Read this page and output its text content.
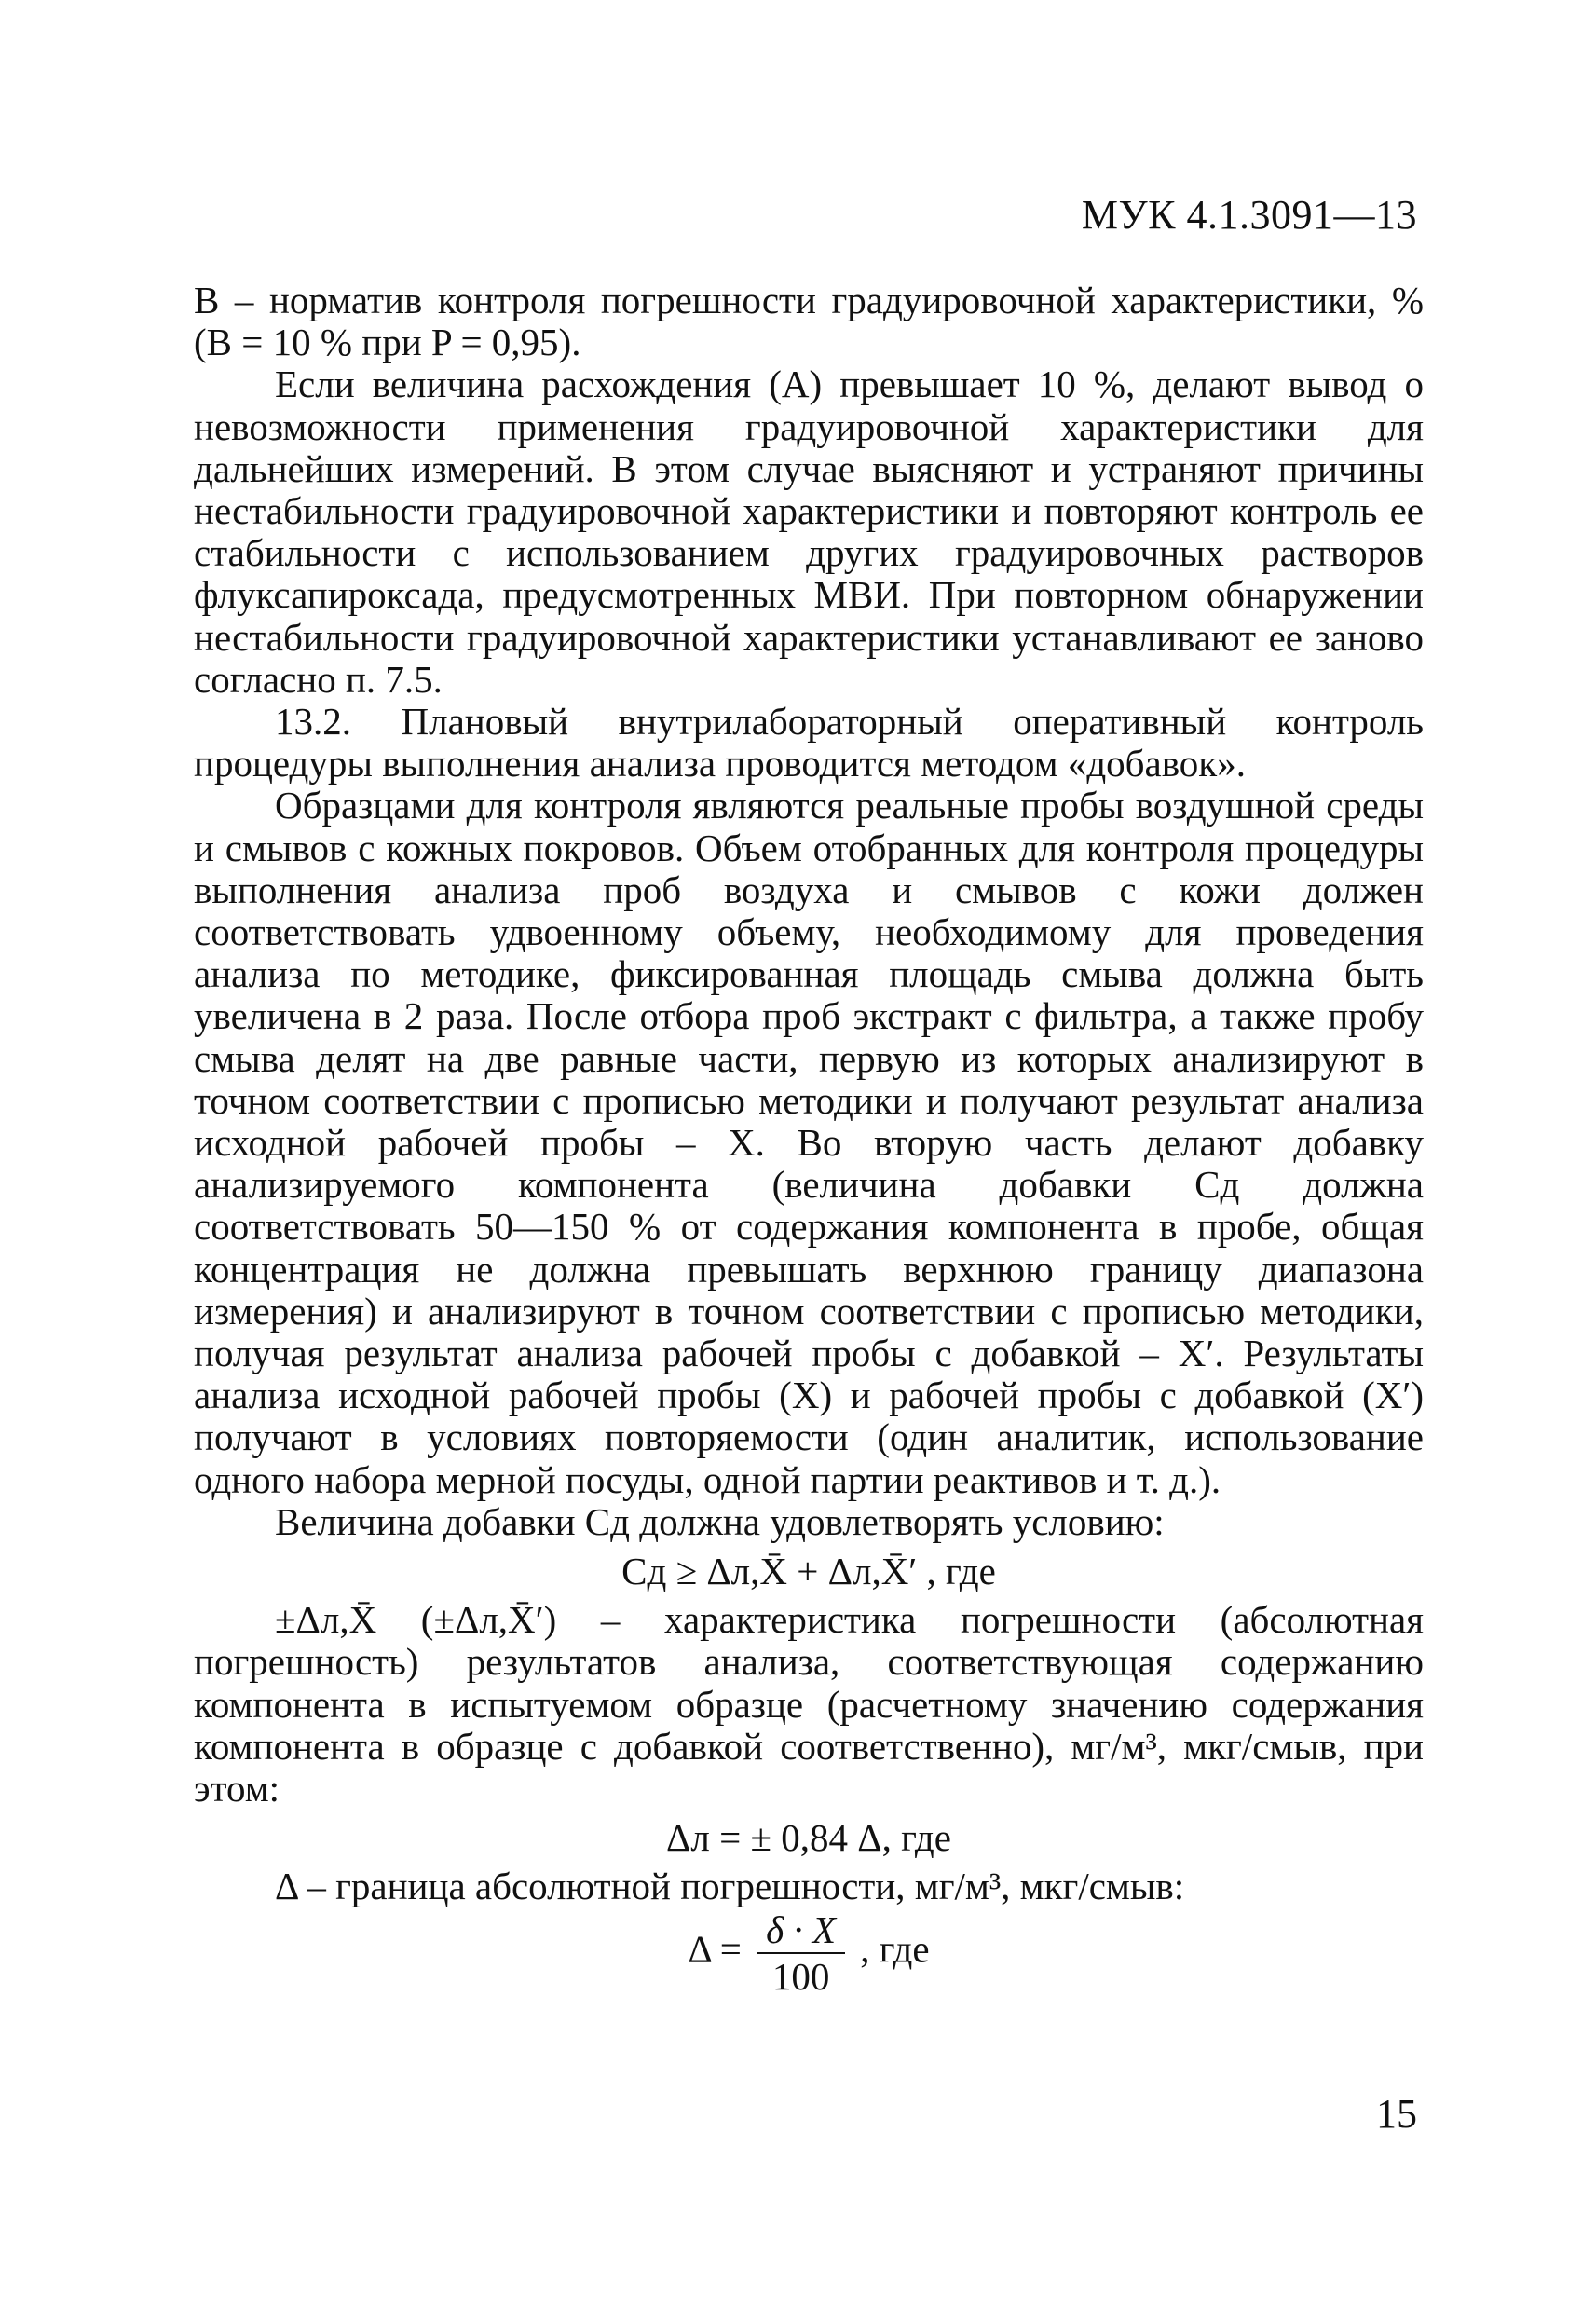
МУК 4.1.3091—13

B – норматив контроля погрешности градуировочной характеристики, % (B = 10 % при P = 0,95).

Если величина расхождения (A) превышает 10 %, делают вывод о невозможности применения градуировочной характеристики для дальнейших измерений. В этом случае выясняют и устраняют причины нестабильности градуировочной характеристики и повторяют контроль ее стабильности с использованием других градуировочных растворов флуксапироксада, предусмотренных МВИ. При повторном обнаружении нестабильности градуировочной характеристики устанавливают ее заново согласно п. 7.5.

13.2. Плановый внутрилабораторный оперативный контроль процедуры выполнения анализа проводится методом «добавок».

Образцами для контроля являются реальные пробы воздушной среды и смывов с кожных покровов. Объем отобранных для контроля процедуры выполнения анализа проб воздуха и смывов с кожи должен соответствовать удвоенному объему, необходимому для проведения анализа по методике, фиксированная площадь смыва должна быть увеличена в 2 раза. После отбора проб экстракт с фильтра, а также пробу смыва делят на две равные части, первую из которых анализируют в точном соответствии с прописью методики и получают результат анализа исходной рабочей пробы – X. Во вторую часть делают добавку анализируемого компонента (величина добавки Cд должна соответствовать 50—150 % от содержания компонента в пробе, общая концентрация не должна превышать верхнюю границу диапазона измерения) и анализируют в точном соответствии с прописью методики, получая результат анализа рабочей пробы с добавкой – X′. Результаты анализа исходной рабочей пробы (X) и рабочей пробы с добавкой (X′) получают в условиях повторяемости (один аналитик, использование одного набора мерной посуды, одной партии реактивов и т. д.).

Величина добавки Cд должна удовлетворять условию:

Cд ≥ Δл,X̄ + Δл,X̄′ , где

±Δл,X̄ (±Δл,X̄′) – характеристика погрешности (абсолютная погрешность) результатов анализа, соответствующая содержанию компонента в испытуемом образце (расчетному значению содержания компонента в образце с добавкой соответственно), мг/м³, мкг/смыв, при этом:

Δл = ± 0,84 Δ, где

Δ – граница абсолютной погрешности, мг/м³, мкг/смыв:

$\Delta = \frac{\delta \cdot X}{100}$ , где

15
